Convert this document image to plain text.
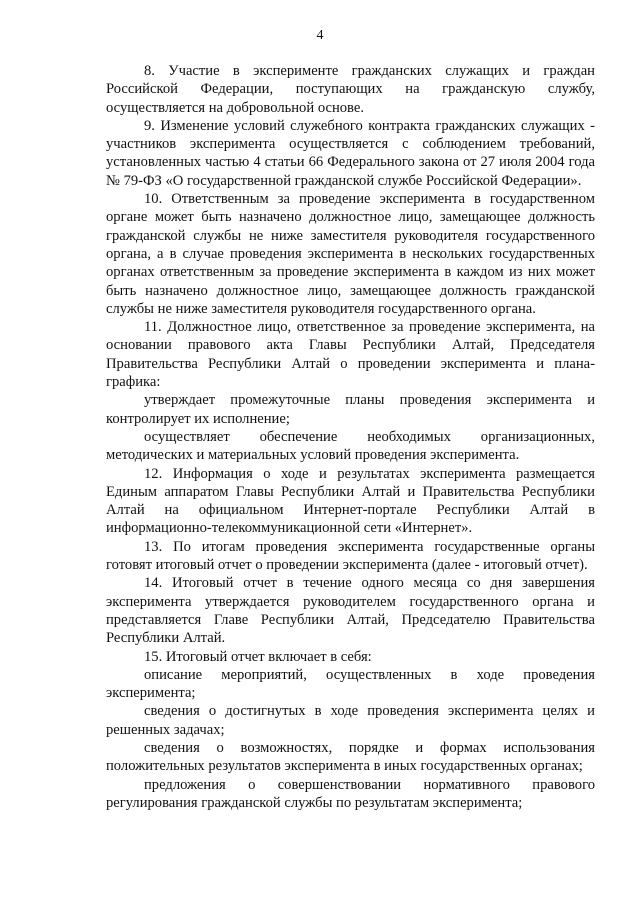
4

8. Участие в эксперименте гражданских служащих и граждан Российской Федерации, поступающих на гражданскую службу, осуществляется на добровольной основе.

9. Изменение условий служебного контракта гражданских служащих - участников эксперимента осуществляется с соблюдением требований, установленных частью 4 статьи 66 Федерального закона от 27 июля 2004 года № 79-ФЗ «О государственной гражданской службе Российской Федерации».

10. Ответственным за проведение эксперимента в государственном органе может быть назначено должностное лицо, замещающее должность гражданской службы не ниже заместителя руководителя государственного органа, а в случае проведения эксперимента в нескольких государственных органах ответственным за проведение эксперимента в каждом из них может быть назначено должностное лицо, замещающее должность гражданской службы не ниже заместителя руководителя государственного органа.

11. Должностное лицо, ответственное за проведение эксперимента, на основании правового акта Главы Республики Алтай, Председателя Правительства Республики Алтай о проведении эксперимента и плана-графика:

утверждает промежуточные планы проведения эксперимента и контролирует их исполнение;

осуществляет обеспечение необходимых организационных, методических и материальных условий проведения эксперимента.

12. Информация о ходе и результатах эксперимента размещается Единым аппаратом Главы Республики Алтай и Правительства Республики Алтай на официальном Интернет-портале Республики Алтай в информационно-телекоммуникационной сети «Интернет».

13. По итогам проведения эксперимента государственные органы готовят итоговый отчет о проведении эксперимента (далее - итоговый отчет).

14. Итоговый отчет в течение одного месяца со дня завершения эксперимента утверждается руководителем государственного органа и представляется Главе Республики Алтай, Председателю Правительства Республики Алтай.

15. Итоговый отчет включает в себя:

описание мероприятий, осуществленных в ходе проведения эксперимента;

сведения о достигнутых в ходе проведения эксперимента целях и решенных задачах;

сведения о возможностях, порядке и формах использования положительных результатов эксперимента в иных государственных органах;

предложения о совершенствовании нормативного правового регулирования гражданской службы по результатам эксперимента;
